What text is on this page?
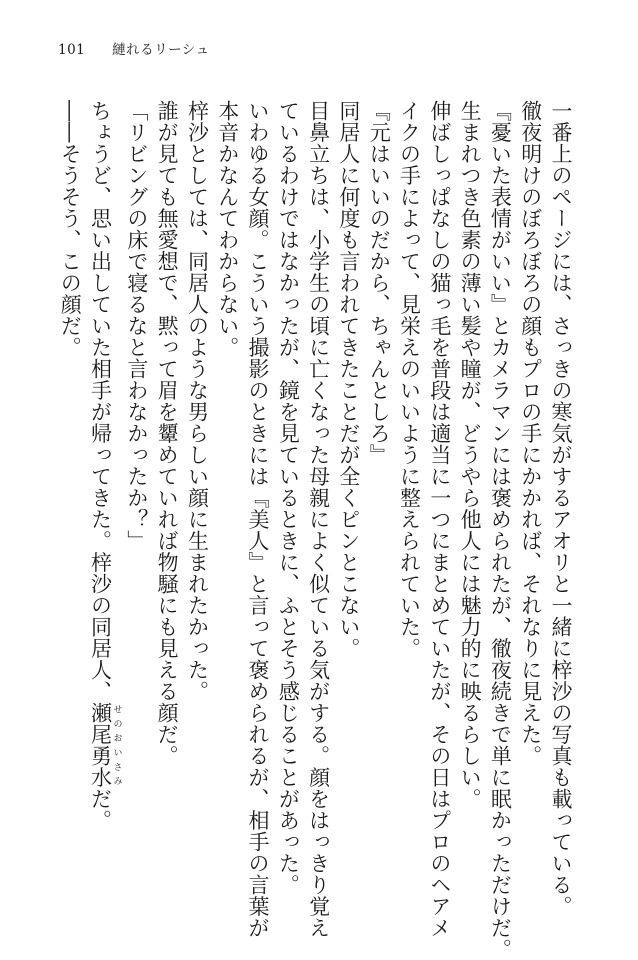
101 縺れるリーシュ
一番上のページには、さっきの寒気がするアオリと一緒に梓沙の写真も載っている。
徹夜明けのぼろぼろの顔もプロの手にかかれば、それなりに見えた。
『憂いた表情がいい』とカメラマンには褒められたが、徹夜続きで単に眠かっただけだ。
生まれつき色素の薄い髪や瞳が、どうやら他人には魅力的に映るらしい。
伸ばしっぱなしの猫っ毛を普段は適当に一つにまとめていたが、その日はプロのヘアメ
イクの手によって、見栄えのいいように整えられていた。
『元はいいのだから、ちゃんとしろ』
同居人に何度も言われてきたことだが全くピンとこない。
目鼻立ちは、小学生の頃に亡くなった母親によく似ている気がする。顔をはっきり覚え
ているわけではなかったが、鏡を見ているときに、ふとそう感じることがあった。
いわゆる女顔。こういう撮影のときには『美人』と言って褒められるが、相手の言葉が
本音かなんてわからない。
梓沙としては、同居人のような男らしい顔に生まれたかった。
誰が見ても無愛想で、黙って眉を顰めていれば物騒にも見える顔だ。
「リビングの床で寝るなと言わなかったか？」
ちょうど、思い出していた相手が帰ってきた。梓沙の同居人、瀬尾勇水 せのおいさみだ。
――そうそう、この顔だ。
